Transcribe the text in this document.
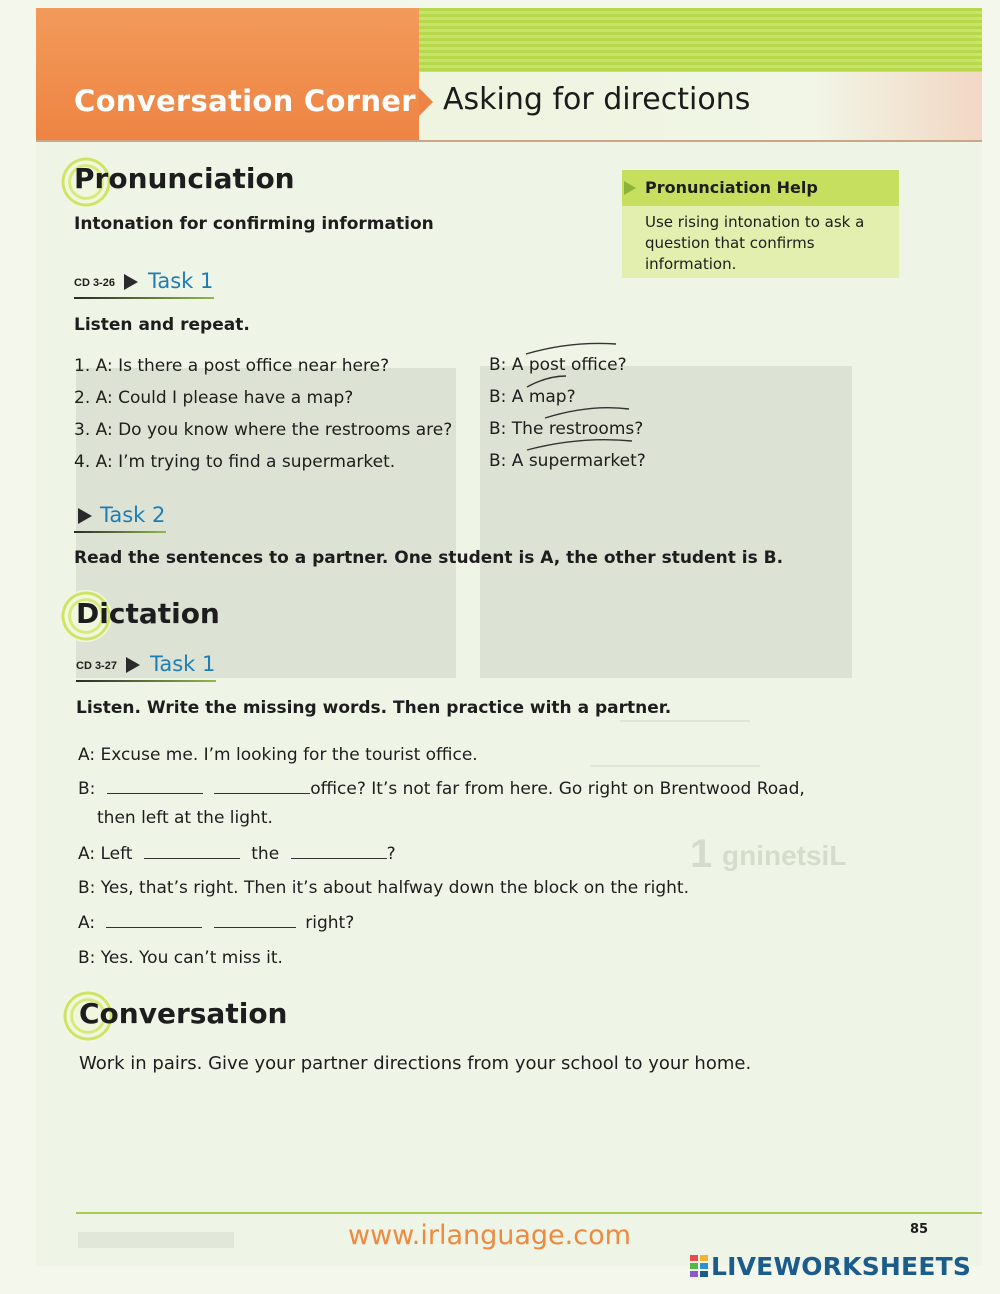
1 gninetsiL
Conversation Corner Asking for directions
Pronunciation
Intonation for confirming information
CD 3-26 Task 1
Listen and repeat.
1. A: Is there a post office near here?	B: A post office?
2. A: Could I please have a map?	B: A map?
3. A: Do you know where the restrooms are? B: The restrooms?
4. A: I’m trying to find a supermarket.	B: A supermarket?
Task 2
Read the sentences to a partner. One student is A, the other student is B.
Pronunciation Help
Use rising intonation to ask a question that confirms information.
Dictation
CD 3-27 Task 1
Listen. Write the missing words. Then practice with a partner.
A: Excuse me. I’m looking for the tourist office.
B:	office? It’s not far from here. Go right on Brentwood Road,
then left at the light.
A: Left	the	?
B: Yes, that’s right. Then it’s about halfway down the block on the right.
A:	right?
B: Yes. You can’t miss it.
Conversation
Work in pairs. Give your partner directions from your school to your home.
www.irlanguage.com	85
LIVEWORKSHEETS
